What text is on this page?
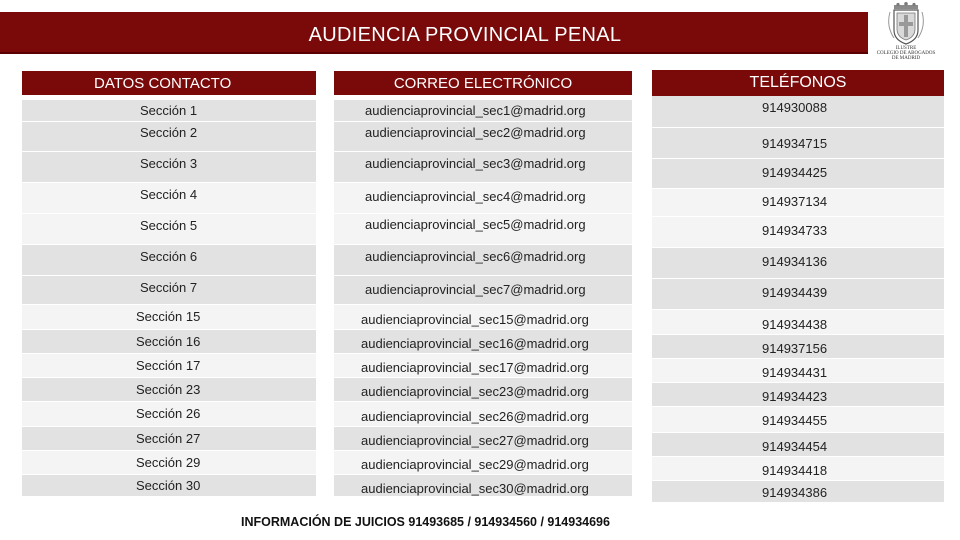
AUDIENCIA PROVINCIAL PENAL
ILUSTRE
COLEGIO DE ABOGADOS
DE MADRID
DATOS CONTACTO	CORREO ELECTRÓNICO	TELÉFONOS
Sección 1
Sección 2
Sección 3
Sección 4
Sección 5
Sección 6
Sección 7
Sección 15
Sección 16
Sección 17
Sección 23
Sección 26
Sección 27
Sección 29
Sección 30
audienciaprovincial_sec1@madrid.org
audienciaprovincial_sec2@madrid.org
audienciaprovincial_sec3@madrid.org
audienciaprovincial_sec4@madrid.org
audienciaprovincial_sec5@madrid.org
audienciaprovincial_sec6@madrid.org
audienciaprovincial_sec7@madrid.org
audienciaprovincial_sec15@madrid.org
audienciaprovincial_sec16@madrid.org
audienciaprovincial_sec17@madrid.org
audienciaprovincial_sec23@madrid.org
audienciaprovincial_sec26@madrid.org
audienciaprovincial_sec27@madrid.org
audienciaprovincial_sec29@madrid.org
audienciaprovincial_sec30@madrid.org
914930088
914934715
914934425
914937134
914934733
914934136
914934439
914934438
914937156
914934431
914934423
914934455
914934454
914934418
914934386
INFORMACIÓN DE JUICIOS 91493685 / 914934560 / 914934696
